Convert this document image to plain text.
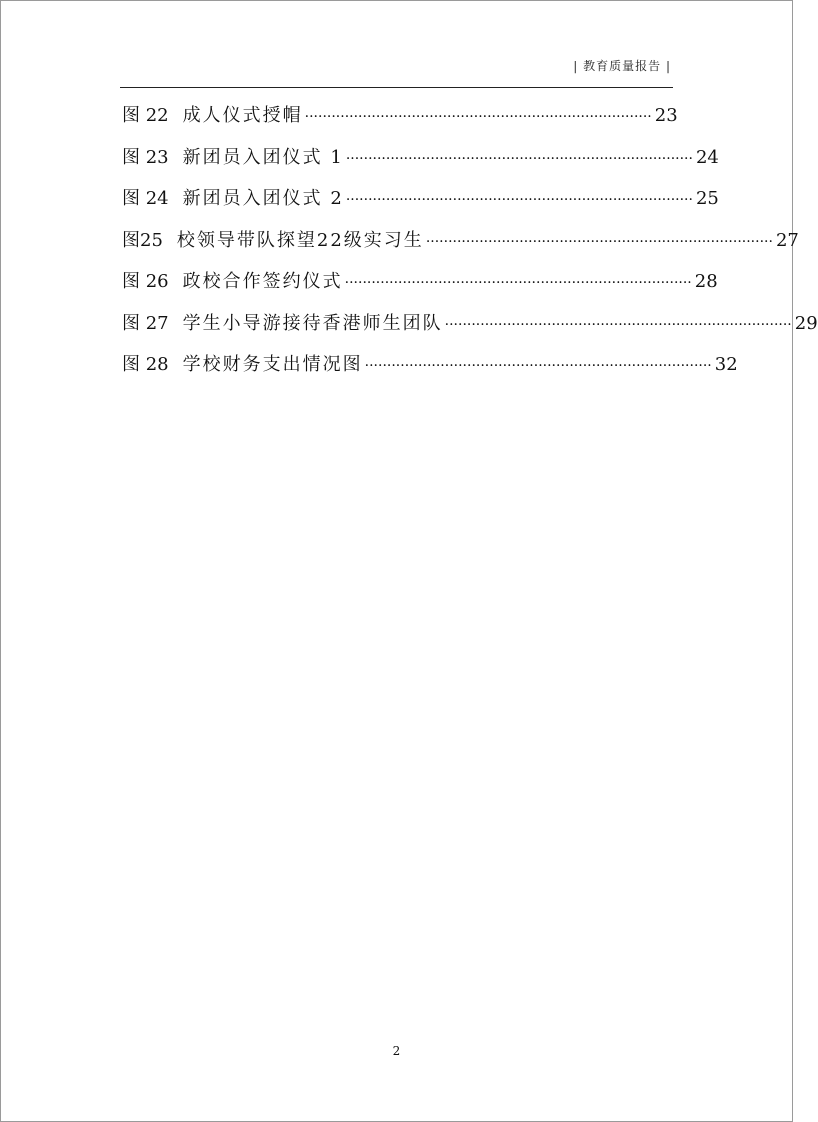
| 教育质量报告 |
图 22 成人仪式授帽 ·············································································· 23
图 23 新团员入团仪式 1 ·············································································· 24
图 24 新团员入团仪式 2 ·············································································· 25
图25 校领导带队探望22级实习生 ·············································································· 27
图 26 政校合作签约仪式 ·············································································· 28
图 27 学生小导游接待香港师生团队 ·············································································· 29
图 28 学校财务支出情况图 ·············································································· 32
2
